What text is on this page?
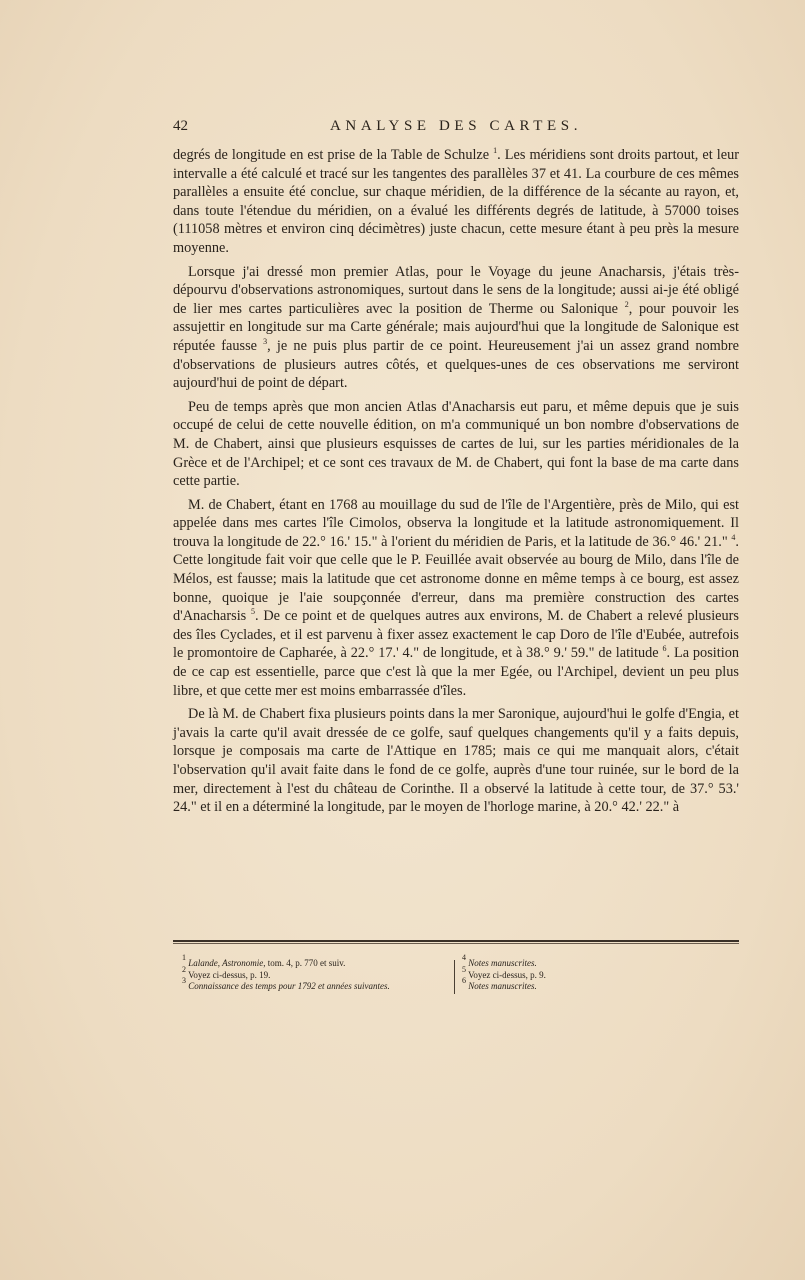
42	ANALYSE DES CARTES.

degrés de longitude en est prise de la Table de Schulze $^1$. Les méridiens sont droits partout, et leur intervalle a été calculé et tracé sur les tangentes des parallèles 37 et 41. La courbure de ces mêmes parallèles a ensuite été conclue, sur chaque méridien, de la différence de la sécante au rayon, et, dans toute l'étendue du méridien, on a évalué les différents degrés de latitude, à 57000 toises (111058 mètres et environ cinq décimètres) juste chacun, cette mesure étant à peu près la mesure moyenne.

Lorsque j'ai dressé mon premier Atlas, pour le Voyage du jeune Anacharsis, j'étais très-dépourvu d'observations astronomiques, surtout dans le sens de la longitude; aussi ai-je été obligé de lier mes cartes particulières avec la position de Therme ou Salonique $^2$, pour pouvoir les assujettir en longitude sur ma Carte générale; mais aujourd'hui que la longitude de Salonique est réputée fausse $^3$, je ne puis plus partir de ce point. Heureusement j'ai un assez grand nombre d'observations de plusieurs autres côtés, et quelques-unes de ces observations me serviront aujourd'hui de point de départ.

Peu de temps après que mon ancien Atlas d'Anacharsis eut paru, et même depuis que je suis occupé de celui de cette nouvelle édition, on m'a communiqué un bon nombre d'observations de M. de Chabert, ainsi que plusieurs esquisses de cartes de lui, sur les parties méridionales de la Grèce et de l'Archipel; et ce sont ces travaux de M. de Chabert, qui font la base de ma carte dans cette partie.

M. de Chabert, étant en 1768 au mouillage du sud de l'île de l'Argentière, près de Milo, qui est appelée dans mes cartes l'île Cimolos, observa la longitude et la latitude astronomiquement. Il trouva la longitude de 22.° 16.' 15." à l'orient du méridien de Paris, et la latitude de 36.° 46.' 21." $^4$. Cette longitude fait voir que celle que le P. Feuillée avait observée au bourg de Milo, dans l'île de Mélos, est fausse; mais la latitude que cet astronome donne en même temps à ce bourg, est assez bonne, quoique je l'aie soupçonnée d'erreur, dans ma première construction des cartes d'Anacharsis $^5$. De ce point et de quelques autres aux environs, M. de Chabert a relevé plusieurs des îles Cyclades, et il est parvenu à fixer assez exactement le cap Doro de l'île d'Eubée, autrefois le promontoire de Capharée, à 22.° 17.' 4." de longitude, et à 38.° 9.' 59." de latitude $^6$. La position de ce cap est essentielle, parce que c'est là que la mer Egée, ou l'Archipel, devient un peu plus libre, et que cette mer est moins embarrassée d'îles.

De là M. de Chabert fixa plusieurs points dans la mer Saronique, aujourd'hui le golfe d'Engia, et j'avais la carte qu'il avait dressée de ce golfe, sauf quelques changements qu'il y a faits depuis, lorsque je composais ma carte de l'Attique en 1785; mais ce qui me manquait alors, c'était l'observation qu'il avait faite dans le fond de ce golfe, auprès d'une tour ruinée, sur le bord de la mer, directement à l'est du château de Corinthe. Il a observé la latitude à cette tour, de 37.° 53.' 24." et il en a déterminé la longitude, par le moyen de l'horloge marine, à 20.° 42.' 22." à

$^1$ Lalande, Astronomie, tom. 4, p. 770 et suiv.
$^2$ Voyez ci-dessus, p. 19.
$^3$ Connaissance des temps pour 1792 et années suivantes.
$^4$ Notes manuscrites.
$^5$ Voyez ci-dessus, p. 9.
$^6$ Notes manuscrites.
